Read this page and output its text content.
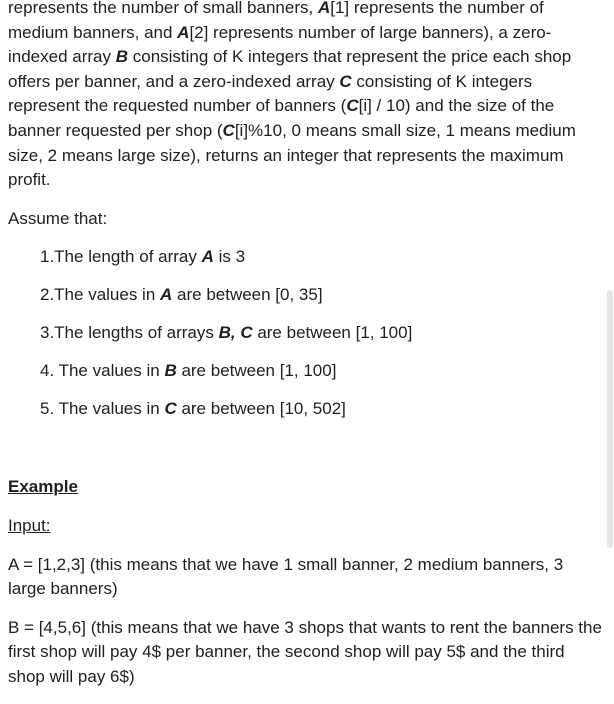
represents the number of small banners, A[1] represents the number of medium banners, and A[2] represents number of large banners), a zero-indexed array B consisting of K integers that represent the price each shop offers per banner, and a zero-indexed array C consisting of K integers represent the requested number of banners (C[i] / 10) and the size of the banner requested per shop (C[i]%10, 0 means small size, 1 means medium size, 2 means large size), returns an integer that represents the maximum profit.

Assume that:

1.The length of array A is 3
2.The values in A are between [0, 35]
3.The lengths of arrays B, C are between [1, 100]
4. The values in B are between [1, 100]
5. The values in C are between [10, 502]

Example

Input:

A = [1,2,3] (this means that we have 1 small banner, 2 medium banners, 3 large banners)

B = [4,5,6] (this means that we have 3 shops that wants to rent the banners the first shop will pay 4$ per banner, the second shop will pay 5$ and the third shop will pay 6$)
